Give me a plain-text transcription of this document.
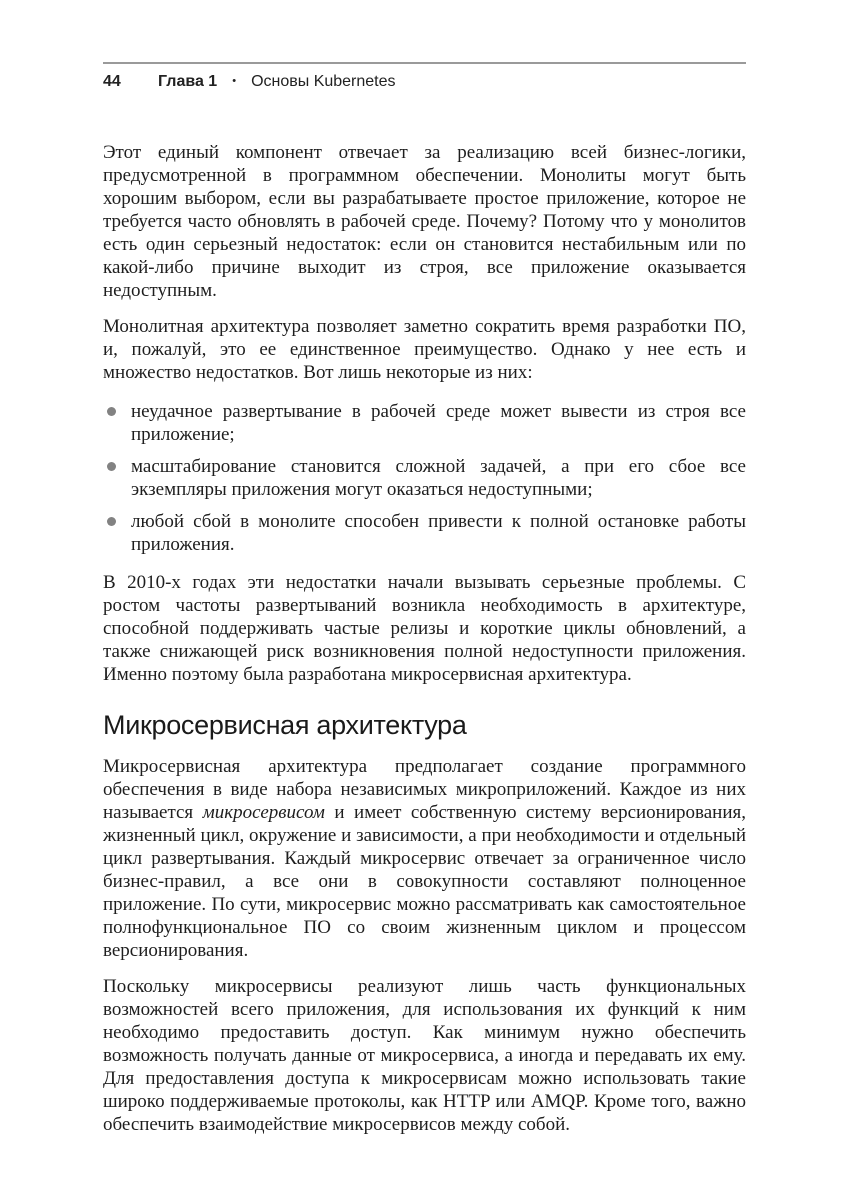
44	Глава 1 • Основы Kubernetes

Этот единый компонент отвечает за реализацию всей бизнес-логики, предусмотренной в программном обеспечении. Монолиты могут быть хорошим выбором, если вы разрабатываете простое приложение, которое не требуется часто обновлять в рабочей среде. Почему? Потому что у монолитов есть один серьезный недостаток: если он становится нестабильным или по какой-либо причине выходит из строя, все приложение оказывается недоступным.

Монолитная архитектура позволяет заметно сократить время разработки ПО, и, пожалуй, это ее единственное преимущество. Однако у нее есть и множество недостатков. Вот лишь некоторые из них:

неудачное развертывание в рабочей среде может вывести из строя все приложение;
масштабирование становится сложной задачей, а при его сбое все экземпляры приложения могут оказаться недоступными;
любой сбой в монолите способен привести к полной остановке работы приложения.

В 2010-х годах эти недостатки начали вызывать серьезные проблемы. С ростом частоты развертываний возникла необходимость в архитектуре, способной поддерживать частые релизы и короткие циклы обновлений, а также снижающей риск возникновения полной недоступности приложения. Именно поэтому была разработана микросервисная архитектура.

Микросервисная архитектура

Микросервисная архитектура предполагает создание программного обеспечения в виде набора независимых микроприложений. Каждое из них называется микросервисом и имеет собственную систему версионирования, жизненный цикл, окружение и зависимости, а при необходимости и отдельный цикл развертывания. Каждый микросервис отвечает за ограниченное число бизнес-правил, а все они в совокупности составляют полноценное приложение. По сути, микросервис можно рассматривать как самостоятельное полнофункциональное ПО со своим жизненным циклом и процессом версионирования.

Поскольку микросервисы реализуют лишь часть функциональных возможностей всего приложения, для использования их функций к ним необходимо предоставить доступ. Как минимум нужно обеспечить возможность получать данные от микросервиса, а иногда и передавать их ему. Для предоставления доступа к микросервисам можно использовать такие широко поддерживаемые протоколы, как HTTP или AMQP. Кроме того, важно обеспечить взаимодействие микросервисов между собой.
